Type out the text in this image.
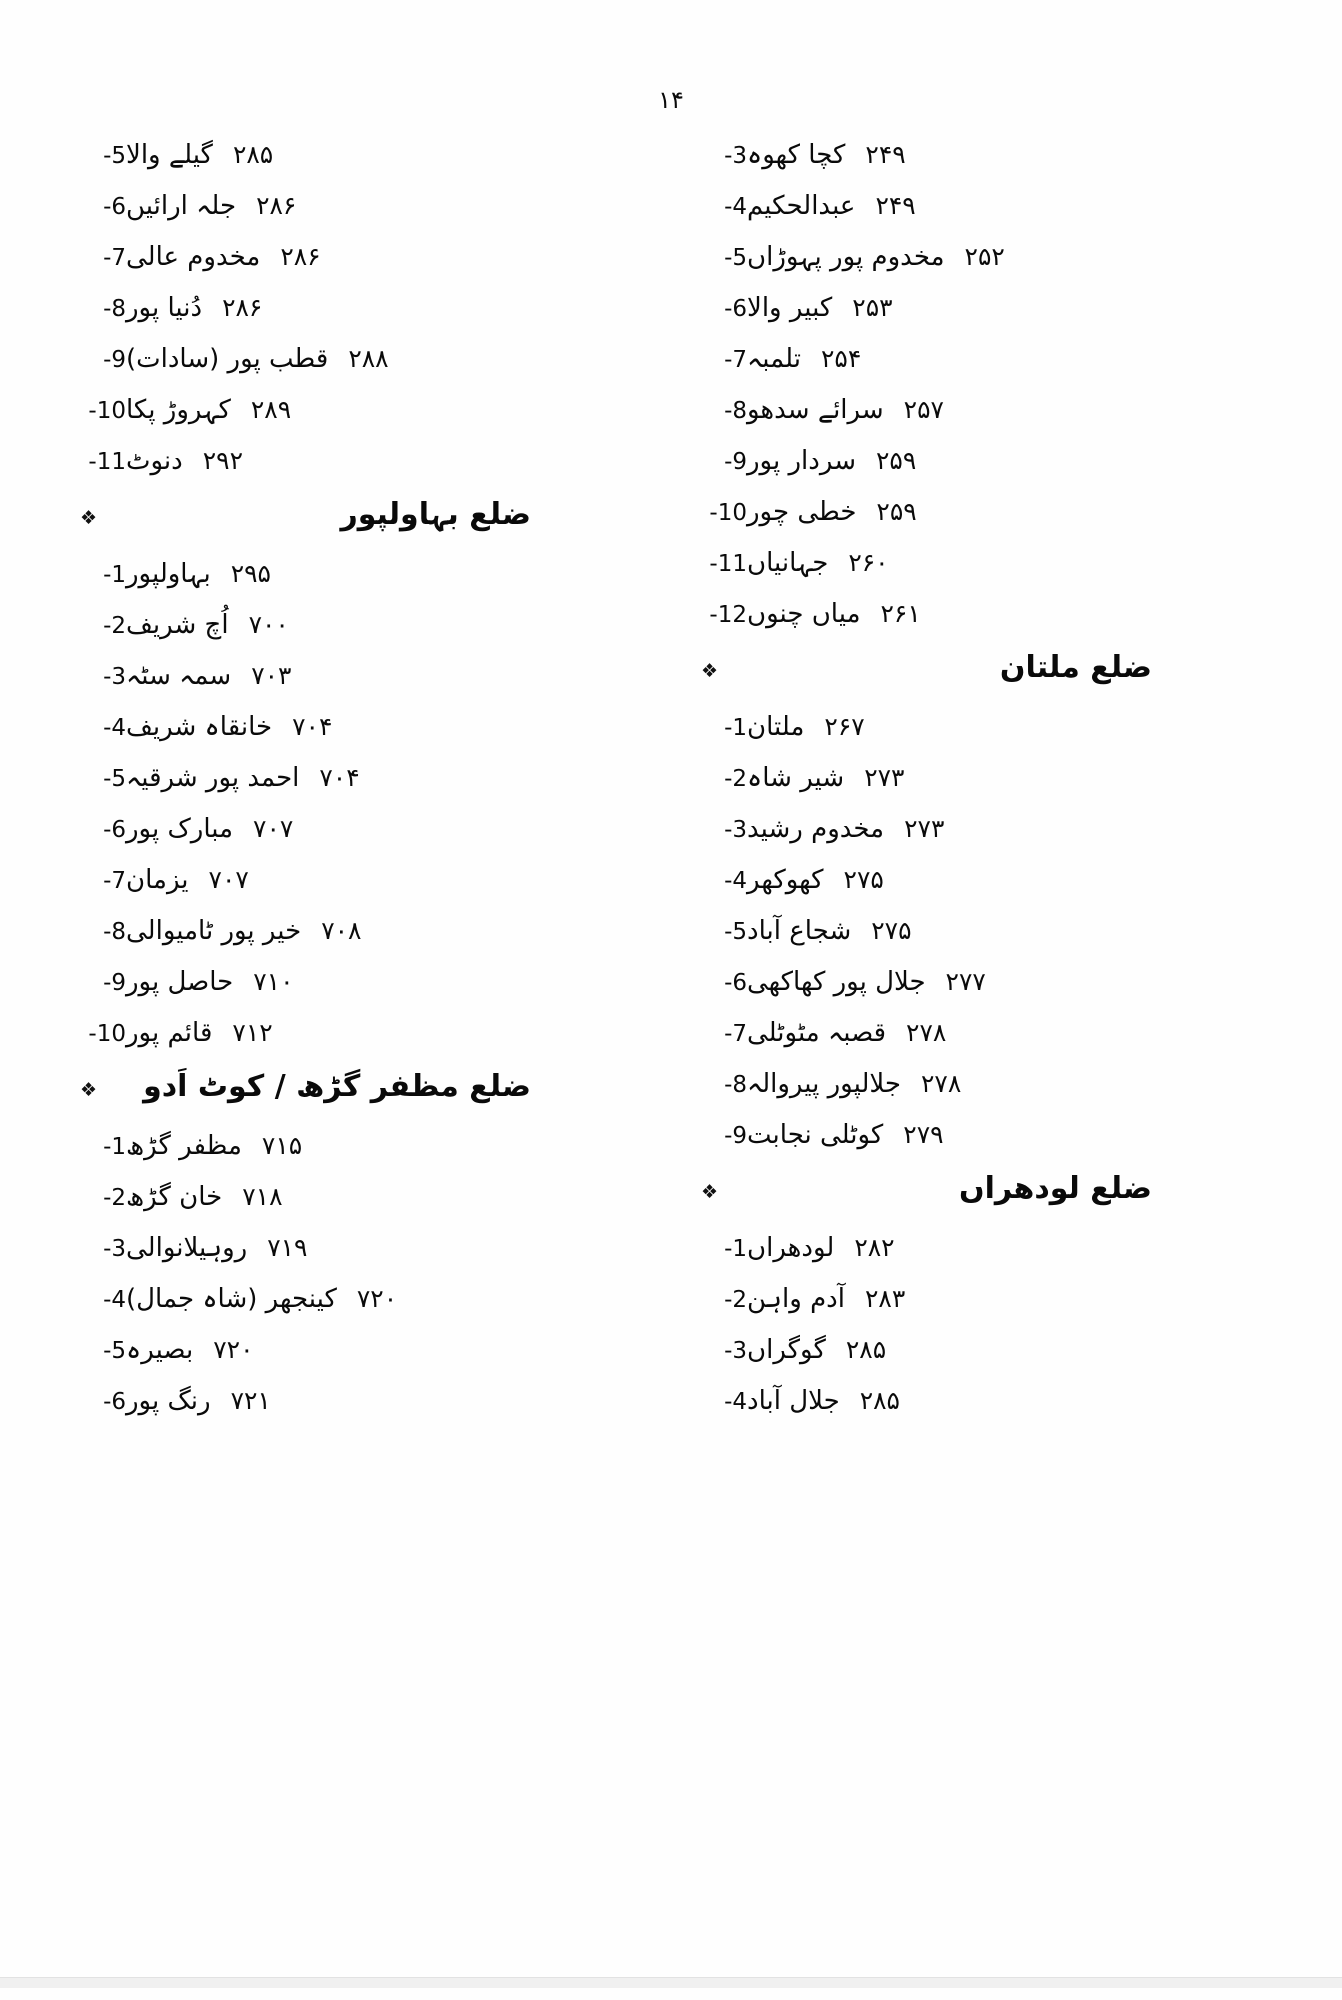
۱۴
-3 کچا کھوہ ۲۴۹
-4 عبدالحکیم ۲۴۹
-5 مخدوم پور پہوڑاں ۲۵۲
-6 کبیر والا ۲۵۳
-7 تلمبہ ۲۵۴
-8 سرائے سدھو ۲۵۷
-9 سردار پور ۲۵۹
-10 خطی چور ۲۵۹
-11 جہانیاں ۲۶۰
-12 میاں چنوں ۲۶۱
❖	ضلع ملتان
-1 ملتان ۲۶۷
-2 شیر شاہ ۲۷۳
-3 مخدوم رشید ۲۷۳
-4 کھوکھر ۲۷۵
-5 شجاع آباد ۲۷۵
-6 جلال پور کھاکھی ۲۷۷
-7 قصبہ مٹوٹلی ۲۷۸
-8 جلالپور پیروالہ ۲۷۸
-9 کوٹلی نجابت ۲۷۹
❖	ضلع لودھراں
-1 لودھراں ۲۸۲
-2 آدم واہن ۲۸۳
-3 گوگراں ۲۸۵
-4 جلال آباد ۲۸۵
-5 گیلے والا ۲۸۵
-6 جلہ ارائیں ۲۸۶
-7 مخدوم عالی ۲۸۶
-8 دُنیا پور ۲۸۶
-9 قطب پور (سادات) ۲۸۸
-10 کہروڑ پکا ۲۸۹
-11 دنوٹ ۲۹۲
❖	ضلع بہاولپور
-1 بہاولپور ۲۹۵
-2 اُچ شریف ۷۰۰
-3 سمہ سٹہ ۷۰۳
-4 خانقاہ شریف ۷۰۴
-5 احمد پور شرقیہ ۷۰۴
-6 مبارک پور ۷۰۷
-7 یزمان ۷۰۷
-8 خیر پور ٹامیوالی ۷۰۸
-9 حاصل پور ۷۱۰
-10 قائم پور ۷۱۲
❖ ضلع مظفر گڑھ / کوٹ اَدو
-1 مظفر گڑھ ۷۱۵
-2 خان گڑھ ۷۱۸
-3 روہیلانوالی ۷۱۹
-4 کینجھر (شاہ جمال) ۷۲۰
-5 بصیرہ ۷۲۰
-6 رنگ پور ۷۲۱
